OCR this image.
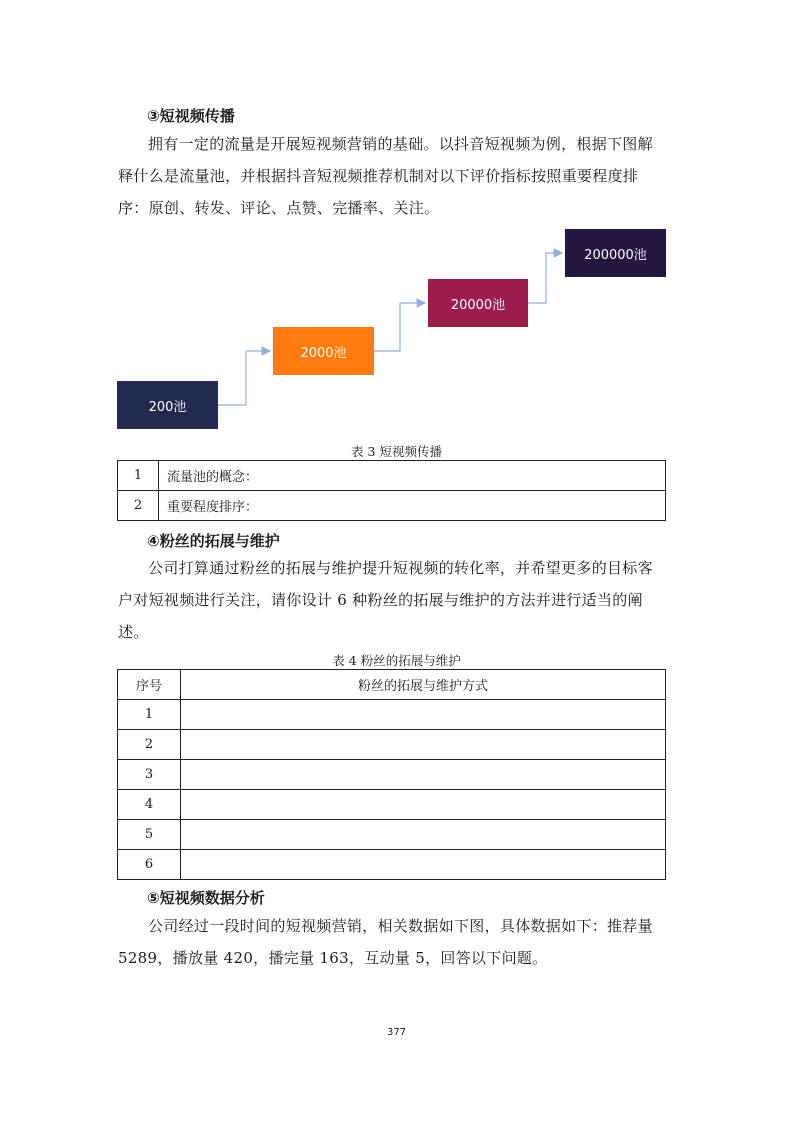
③短视频传播
拥有一定的流量是开展短视频营销的基础。以抖音短视频为例，根据下图解
释什么是流量池，并根据抖音短视频推荐机制对以下评价指标按照重要程度排
序：原创、转发、评论、点赞、完播率、关注。
200池
2000池
20000池
200000池
表 3 短视频传播
1	流量池的概念：
2	重要程度排序：
④粉丝的拓展与维护
公司打算通过粉丝的拓展与维护提升短视频的转化率，并希望更多的目标客
户对短视频进行关注，请你设计 6 种粉丝的拓展与维护的方法并进行适当的阐
述。
表 4 粉丝的拓展与维护
序号	粉丝的拓展与维护方式
1	
2	
3	
4	
5	
6	
⑤短视频数据分析
公司经过一段时间的短视频营销，相关数据如下图，具体数据如下：推荐量
5289，播放量 420，播完量 163，互动量 5，回答以下问题。
377
